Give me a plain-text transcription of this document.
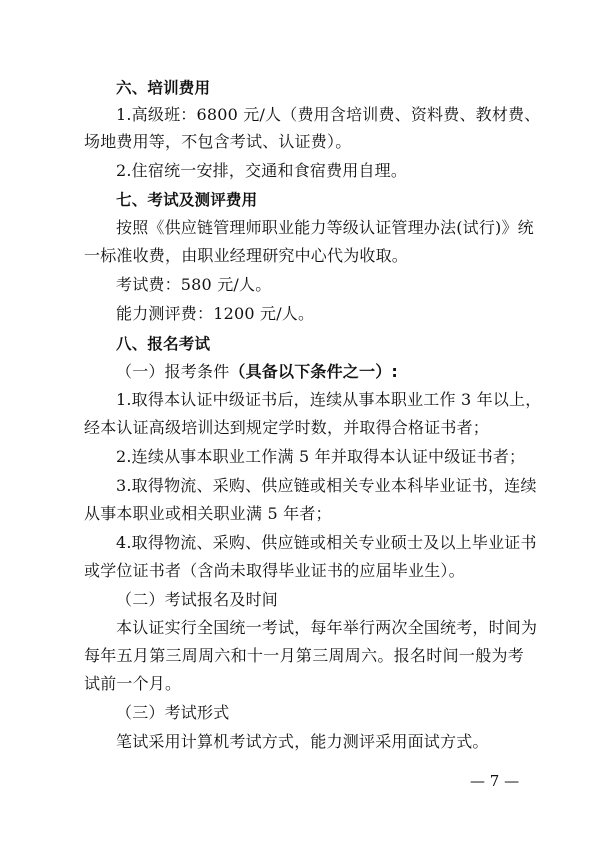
六、培训费用
1.高级班：6800 元/人（费用含培训费、资料费、教材费、
场地费用等，不包含考试、认证费）。
2.住宿统一安排，交通和食宿费用自理。
七、考试及测评费用
按照《供应链管理师职业能力等级认证管理办法(试行)》统
一标准收费，由职业经理研究中心代为收取。
考试费：580 元/人。
能力测评费：1200 元/人。
八、报名考试
（一）报考条件（具备以下条件之一）:
1.取得本认证中级证书后，连续从事本职业工作 3 年以上，
经本认证高级培训达到规定学时数，并取得合格证书者；
2.连续从事本职业工作满 5 年并取得本认证中级证书者；
3.取得物流、采购、供应链或相关专业本科毕业证书，连续
从事本职业或相关职业满 5 年者；
4.取得物流、采购、供应链或相关专业硕士及以上毕业证书
或学位证书者（含尚未取得毕业证书的应届毕业生）。
（二）考试报名及时间
本认证实行全国统一考试，每年举行两次全国统考，时间为
每年五月第三周周六和十一月第三周周六。报名时间一般为考
试前一个月。
— 7 —
（三）考试形式
笔试采用计算机考试方式，能力测评采用面试方式。
